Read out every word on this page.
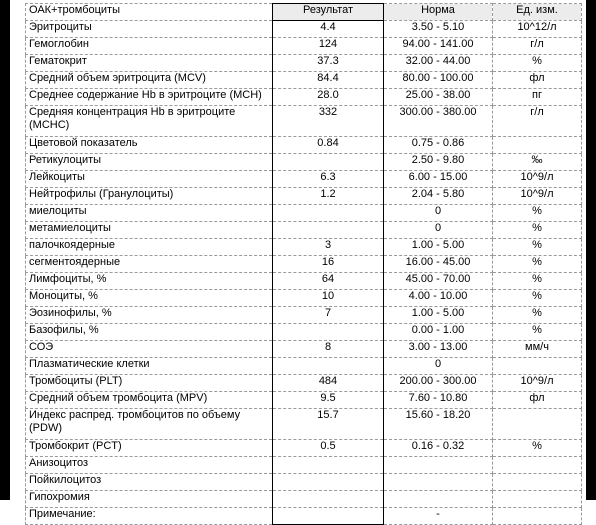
ОАК+тромбоциты	Результат	Норма	Ед. изм.
Эритроциты	4.4	3.50 - 5.10	10^12/л
Гемоглобин	124	94.00 - 141.00	г/л
Гематокрит	37.3	32.00 - 44.00	%
Средний объем эритроцита (MCV)	84.4	80.00 - 100.00	фл
Среднее содержание Hb в эритроците (MCH)	28.0	25.00 - 38.00	пг
Средняя концентрация Hb в эритроците (MCHC)	332	300.00 - 380.00	г/л
Цветовой показатель	0.84	0.75 - 0.86	
Ретикулоциты		2.50 - 9.80	‰
Лейкоциты	6.3	6.00 - 15.00	10^9/л
Нейтрофилы (Гранулоциты)	1.2	2.04 - 5.80	10^9/л
миелоциты		0	%
метамиелоциты		0	%
палочкоядерные	3	1.00 - 5.00	%
сегментоядерные	16	16.00 - 45.00	%
Лимфоциты, %	64	45.00 - 70.00	%
Моноциты, %	10	4.00 - 10.00	%
Эозинофилы, %	7	1.00 - 5.00	%
Базофилы, %		0.00 - 1.00	%
СОЭ	8	3.00 - 13.00	мм/ч
Плазматические клетки		0	
Тромбоциты (PLT)	484	200.00 - 300.00	10^9/л
Средний объем тромбоцита (MPV)	9.5	7.60 - 10.80	фл
Индекс распред. тромбоцитов по объему (PDW)	15.7	15.60 - 18.20	
Тромбокрит (PCT)	0.5	0.16 - 0.32	%
Анизоцитоз			
Пойкилоцитоз			
Гипохромия			
Примечание:		-	
